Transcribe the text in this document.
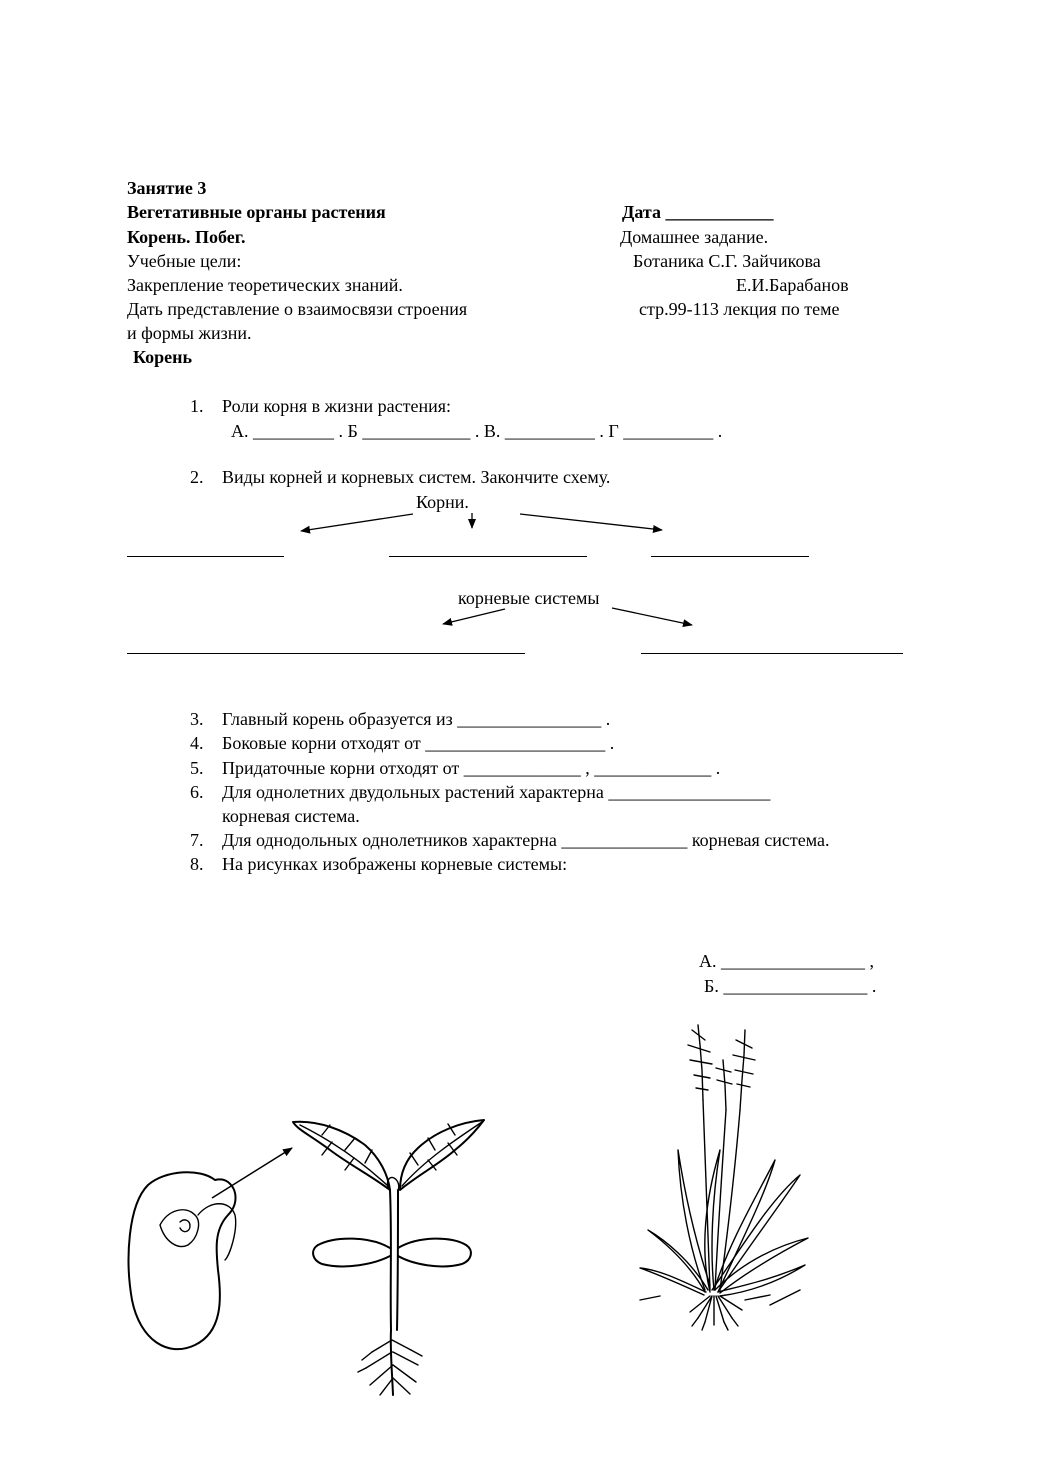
Занятие 3
Вегетативные органы растения
Корень. Побег.
Учебные цели:
Закрепление теоретических знаний.
Дать представление о взаимосвязи строения
и формы жизни.
Дата ____________
Домашнее задание.
Ботаника С.Г. Зайчикова
Е.И.Барабанов
стр.99-113 лекция по теме
Корень
1. Роли корня в жизни растения:
А. _________ . Б ____________ . В. __________ . Г __________ .
2. Виды корней и корневых систем. Закончите схему.
Корни.
корневые системы
3. Главный корень образуется из ________________ .
4. Боковые корни отходят от ____________________ .
5. Придаточные корни отходят от _____________ , _____________ .
6. Для однолетних двудольных растений характерна __________________
корневая система.
7. Для однодольных однолетников характерна ______________ корневая система.
8. На рисунках изображены корневые системы:
А. ________________ ,
Б. ________________ .
